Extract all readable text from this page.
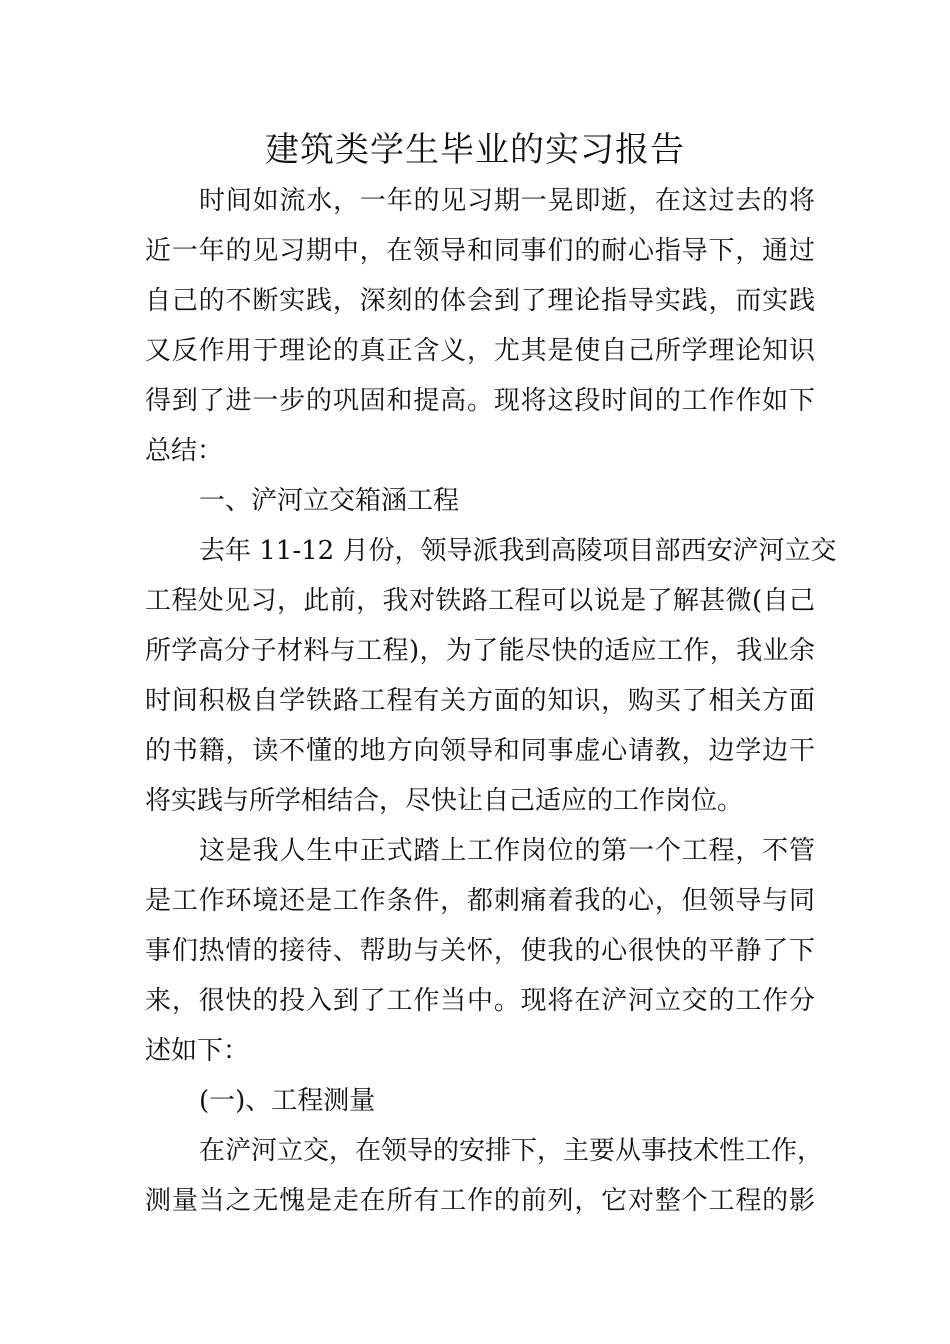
建筑类学生毕业的实习报告
时间如流水，一年的见习期一晃即逝，在这过去的将
近一年的见习期中，在领导和同事们的耐心指导下，通过
自己的不断实践，深刻的体会到了理论指导实践，而实践
又反作用于理论的真正含义，尤其是使自己所学理论知识
得到了进一步的巩固和提高。现将这段时间的工作作如下
总结：
一、浐河立交箱涵工程
去年 11-12 月份，领导派我到高陵项目部西安浐河立交
工程处见习，此前，我对铁路工程可以说是了解甚微(自己
所学高分子材料与工程)，为了能尽快的适应工作，我业余
时间积极自学铁路工程有关方面的知识，购买了相关方面
的书籍，读不懂的地方向领导和同事虚心请教，边学边干
将实践与所学相结合，尽快让自己适应的工作岗位。
这是我人生中正式踏上工作岗位的第一个工程，不管
是工作环境还是工作条件，都刺痛着我的心，但领导与同
事们热情的接待、帮助与关怀，使我的心很快的平静了下
来，很快的投入到了工作当中。现将在浐河立交的工作分
述如下：
(一)、工程测量
在浐河立交，在领导的安排下，主要从事技术性工作，
测量当之无愧是走在所有工作的前列，它对整个工程的影
